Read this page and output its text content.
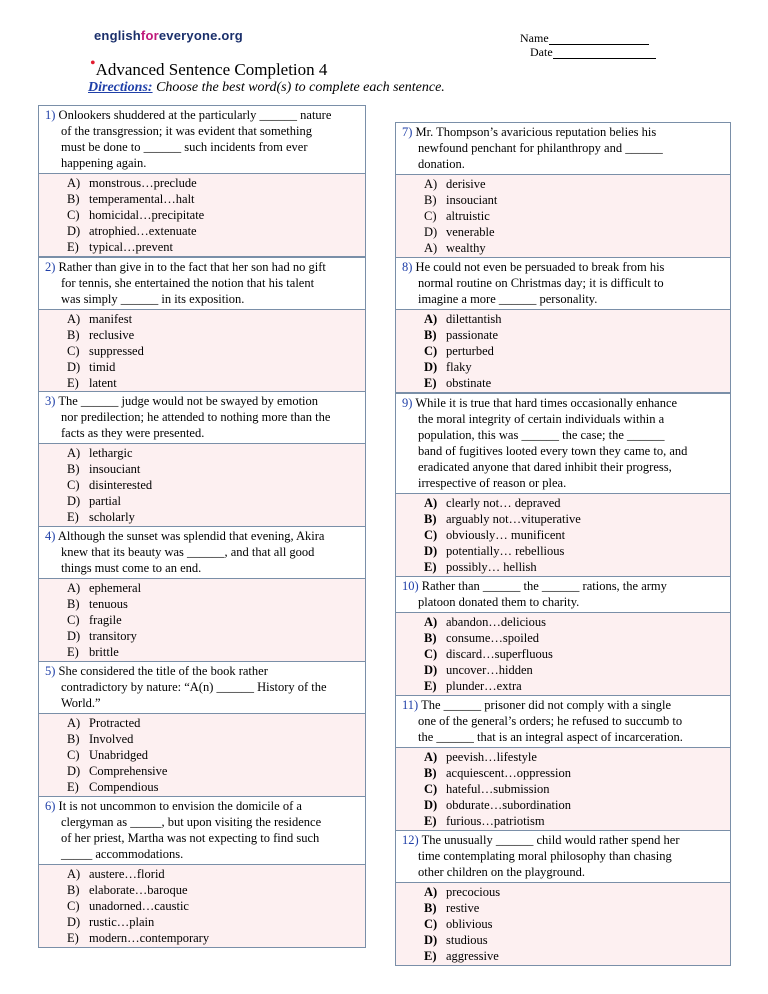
englishforeveryone.org	Name
Date
•Advanced Sentence Completion 4
Directions: Choose the best word(s) to complete each sentence.
1) Onlookers shuddered at the particularly ______ nature
of the transgression; it was evident that something
must be done to ______ such incidents from ever
happening again.
A) monstrous…preclude
B) temperamental…halt
C) homicidal…precipitate
D) atrophied…extenuate
E) typical…prevent
2) Rather than give in to the fact that her son had no gift
for tennis, she entertained the notion that his talent
was simply ______ in its exposition.
A) manifest
B) reclusive
C) suppressed
D) timid
E) latent
3) The ______ judge would not be swayed by emotion
nor predilection; he attended to nothing more than the
facts as they were presented.
A) lethargic
B) insouciant
C) disinterested
D) partial
E) scholarly
4) Although the sunset was splendid that evening, Akira
knew that its beauty was ______, and that all good
things must come to an end.
A) ephemeral
B) tenuous
C) fragile
D) transitory
E) brittle
5) She considered the title of the book rather
contradictory by nature: “A(n) ______ History of the
World.”
A) Protracted
B) Involved
C) Unabridged
D) Comprehensive
E) Compendious
6) It is not uncommon to envision the domicile of a
clergyman as _____, but upon visiting the residence
of her priest, Martha was not expecting to find such
_____ accommodations.
A) austere…florid
B) elaborate…baroque
C) unadorned…caustic
D) rustic…plain
E) modern…contemporary
7) Mr. Thompson’s avaricious reputation belies his
newfound penchant for philanthropy and ______
donation.
A) derisive
B) insouciant
C) altruistic
D) venerable
A) wealthy
8) He could not even be persuaded to break from his
normal routine on Christmas day; it is difficult to
imagine a more ______ personality.
A) dilettantish
B) passionate
C) perturbed
D) flaky
E) obstinate
9) While it is true that hard times occasionally enhance
the moral integrity of certain individuals within a
population, this was ______ the case; the ______
band of fugitives looted every town they came to, and
eradicated anyone that dared inhibit their progress,
irrespective of reason or plea.
A) clearly not… depraved
B) arguably not…vituperative
C) obviously… munificent
D) potentially… rebellious
E) possibly… hellish
10) Rather than ______ the ______ rations, the army
platoon donated them to charity.
A) abandon…delicious
B) consume…spoiled
C) discard…superfluous
D) uncover…hidden
E) plunder…extra
11) The ______ prisoner did not comply with a single
one of the general’s orders; he refused to succumb to
the ______ that is an integral aspect of incarceration.
A) peevish…lifestyle
B) acquiescent…oppression
C) hateful…submission
D) obdurate…subordination
E) furious…patriotism
12) The unusually ______ child would rather spend her
time contemplating moral philosophy than chasing
other children on the playground.
A) precocious
B) restive
C) oblivious
D) studious
E) aggressive
